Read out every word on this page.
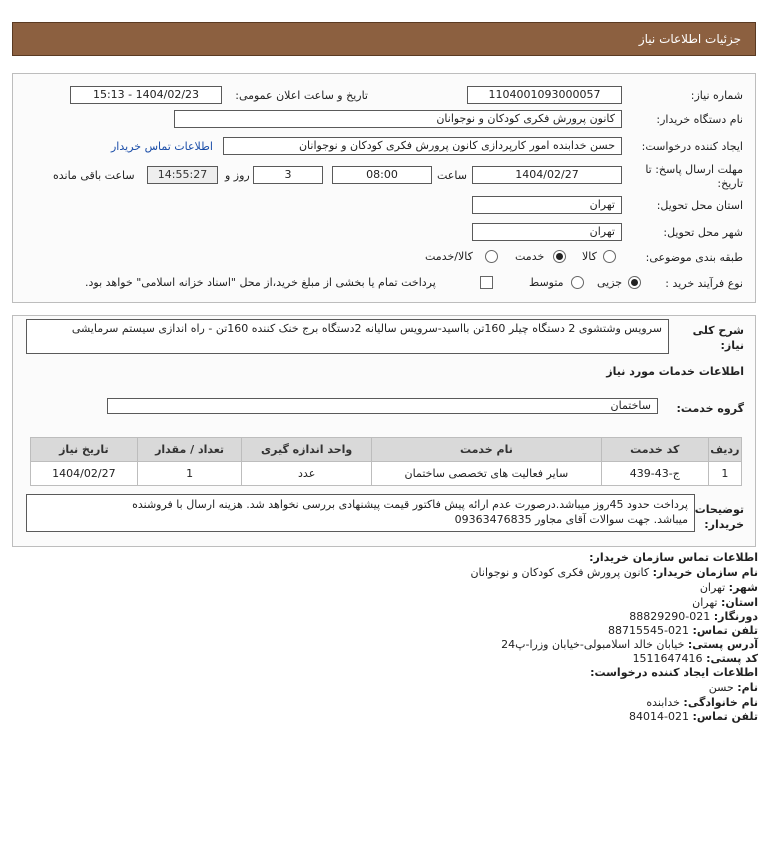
جزئیات اطلاعات نیاز
شماره نیاز:
1104001093000057
تاریخ و ساعت اعلان عمومی:
1404/02/23 - 15:13
نام دستگاه خریدار:
کانون پرورش فکری کودکان و نوجوانان
ایجاد کننده درخواست:
حسن خدابنده امور کارپردازی کانون پرورش فکری کودکان و نوجوانان
اطلاعات تماس خریدار
مهلت ارسال پاسخ: تا تاریخ:
1404/02/27
ساعت
08:00
3
روز و
14:55:27
ساعت باقی مانده
استان محل تحویل:
تهران
شهر محل تحویل:
تهران
طبقه بندی موضوعی:
کالا
خدمت
کالا/خدمت
نوع فرآیند خرید :
جزیی
متوسط
پرداخت تمام یا بخشی از مبلغ خرید،از محل "اسناد خزانه اسلامی" خواهد بود.
شرح کلی نیاز:
سرویس وشتشوی 2 دستگاه چیلر 160تن بااسید-سرویس سالیانه 2دستگاه برج خنک کننده 160تن - راه اندازی سیستم سرمایشی
اطلاعات خدمات مورد نیاز
گروه خدمت:
ساختمان
ردیف	کد خدمت	نام خدمت	واحد اندازه گیری	تعداد / مقدار	تاریخ نیاز
1	ج-43-439	سایر فعالیت های تخصصی ساختمان	عدد	1	1404/02/27
توضیحات خریدار:
پرداخت حدود 45روز میباشد.درصورت عدم ارائه پیش فاکتور قیمت پیشنهادی بررسی نخواهد شد. هزینه ارسال با فروشنده
میباشد. جهت سوالات آقای مجاور 09363476835
اطلاعات تماس سازمان خریدار:
نام سازمان خریدار: کانون پرورش فکری کودکان و نوجوانان
شهر: تهران
استان: تهران
دورنگار: 021-88829290
تلفن تماس: 021-88715545
آدرس پستی: خیابان خالد اسلامبولی-خیابان وزرا-پ24
کد پستی: 1511647416
اطلاعات ایجاد کننده درخواست:
نام: حسن
نام خانوادگی: خدابنده
تلفن تماس: 021-84014
